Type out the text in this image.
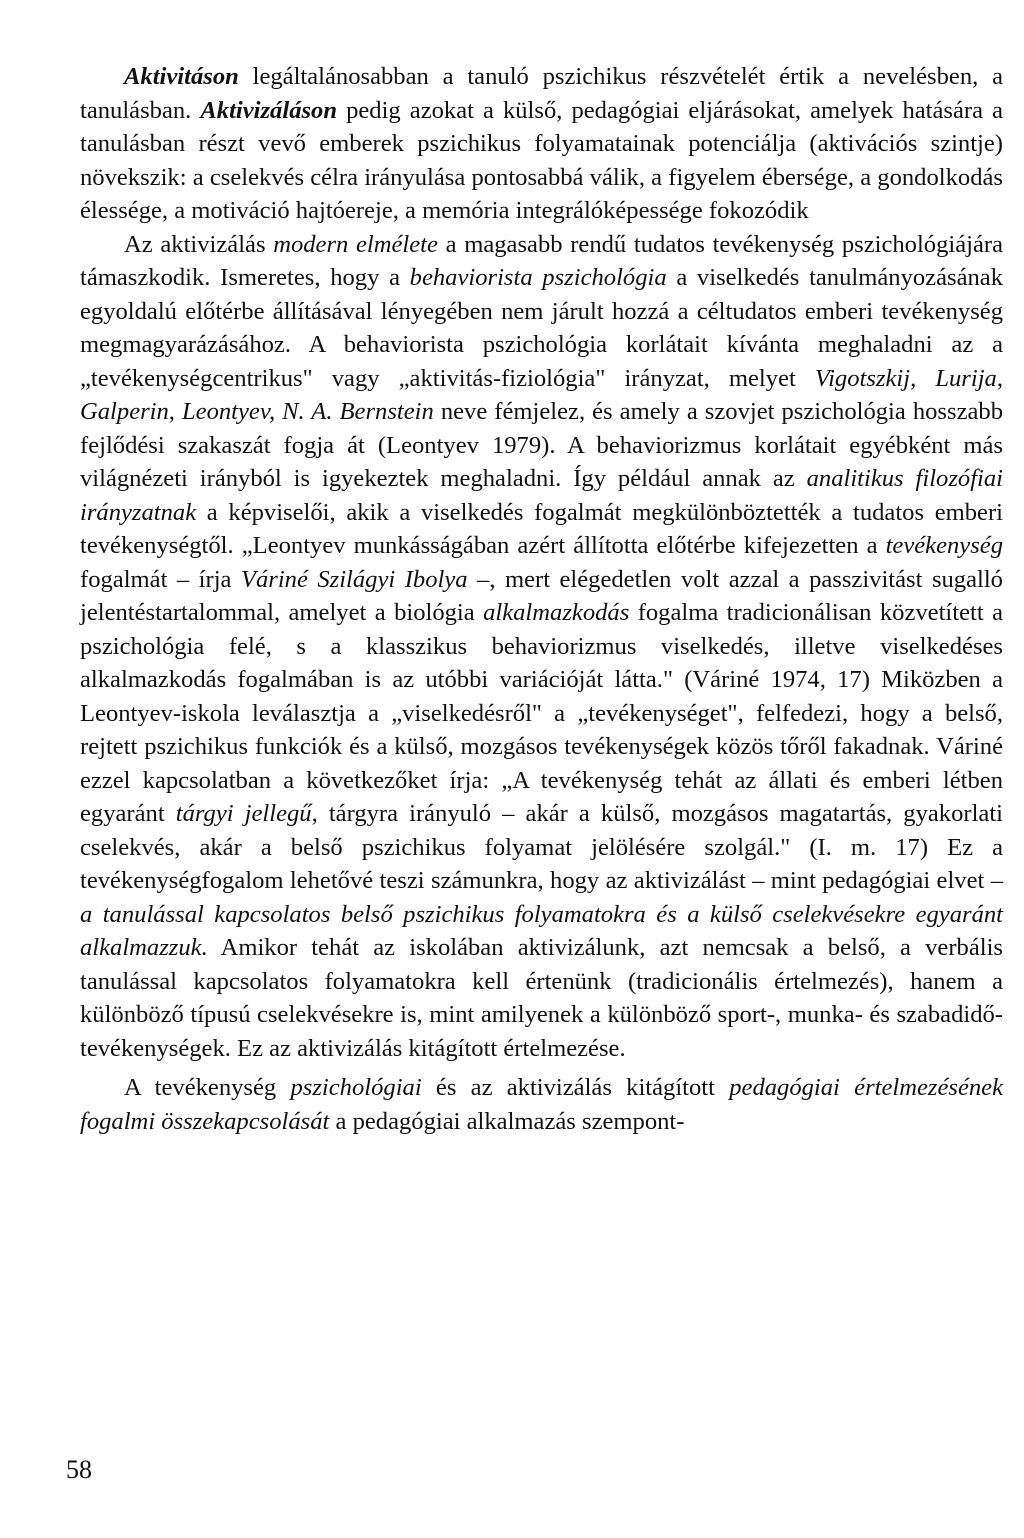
Aktivitáson legáltalánosabban a tanuló pszichikus részvételét értik a nevelésben, a tanulásban. Aktivizáláson pedig azokat a külső, pedagógiai eljárásokat, amelyek hatására a tanulásban részt vevő emberek pszichikus folyamatainak potenciálja (aktivációs szintje) növekszik: a cselekvés célra irányulása pontosabbá válik, a figyelem ébersége, a gondolkodás élessége, a motiváció hajtóereje, a memória integrálóképessége fokozódik

Az aktivizálás modern elmélete a magasabb rendű tudatos tevékenység pszichológiájára támaszkodik. Ismeretes, hogy a behaviorista pszichológia a viselkedés tanulmányozásának egyoldalú előtérbe állításával lényegében nem járult hozzá a céltudatos emberi tevékenység megmagyarázásához. A behaviorista pszichológia korlátait kívánta meghaladni az a „tevékenységcentrikus" vagy „aktivitás-fiziológia" irányzat, melyet Vigotszkij, Lurija, Galperin, Leontyev, N. A. Bernstein neve fémjelez, és amely a szovjet pszichológia hosszabb fejlődési szakaszát fogja át (Leontyev 1979). A behaviorizmus korlátait egyébként más világnézeti irányból is igyekeztek meghaladni. Így például annak az analitikus filozófiai irányzatnak a képviselői, akik a viselkedés fogalmát megkülönböztették a tudatos emberi tevékenységtől. „Leontyev munkásságában azért állította előtérbe kifejezetten a tevékenység fogalmát – írja Váriné Szilágyi Ibolya –, mert elégedetlen volt azzal a passzivitást sugalló jelentéstartalommal, amelyet a biológia alkalmazkodás fogalma tradicionálisan közvetített a pszichológia felé, s a klasszikus behaviorizmus viselkedés, illetve viselkedéses alkalmazkodás fogalmában is az utóbbi variációját látta." (Váriné 1974, 17) Miközben a Leontyev-iskola leválasztja a „viselkedésről" a „tevékenységet", felfedezi, hogy a belső, rejtett pszichikus funkciók és a külső, mozgásos tevékenységek közös tőről fakadnak. Váriné ezzel kapcsolatban a következőket írja: „A tevékenység tehát az állati és emberi létben egyaránt tárgyi jellegű, tárgyra irányuló – akár a külső, mozgásos magatartás, gyakorlati cselekvés, akár a belső pszichikus folyamat jelölésére szolgál." (I. m. 17) Ez a tevékenységfogalom lehetővé teszi számunkra, hogy az aktivizálást – mint pedagógiai elvet – a tanulással kapcsolatos belső pszichikus folyamatokra és a külső cselekvésekre egyaránt alkalmazzuk. Amikor tehát az iskolában aktivizálunk, azt nemcsak a belső, a verbális tanulással kapcsolatos folyamatokra kell értenünk (tradicionális értelmezés), hanem a különböző típusú cselekvésekre is, mint amilyenek a különböző sport-, munka- és szabadidő-tevékenységek. Ez az aktivizálás kitágított értelmezése.

A tevékenység pszichológiai és az aktivizálás kitágított pedagógiai értelmezésének fogalmi összekapcsolását a pedagógiai alkalmazás szempont-

58
